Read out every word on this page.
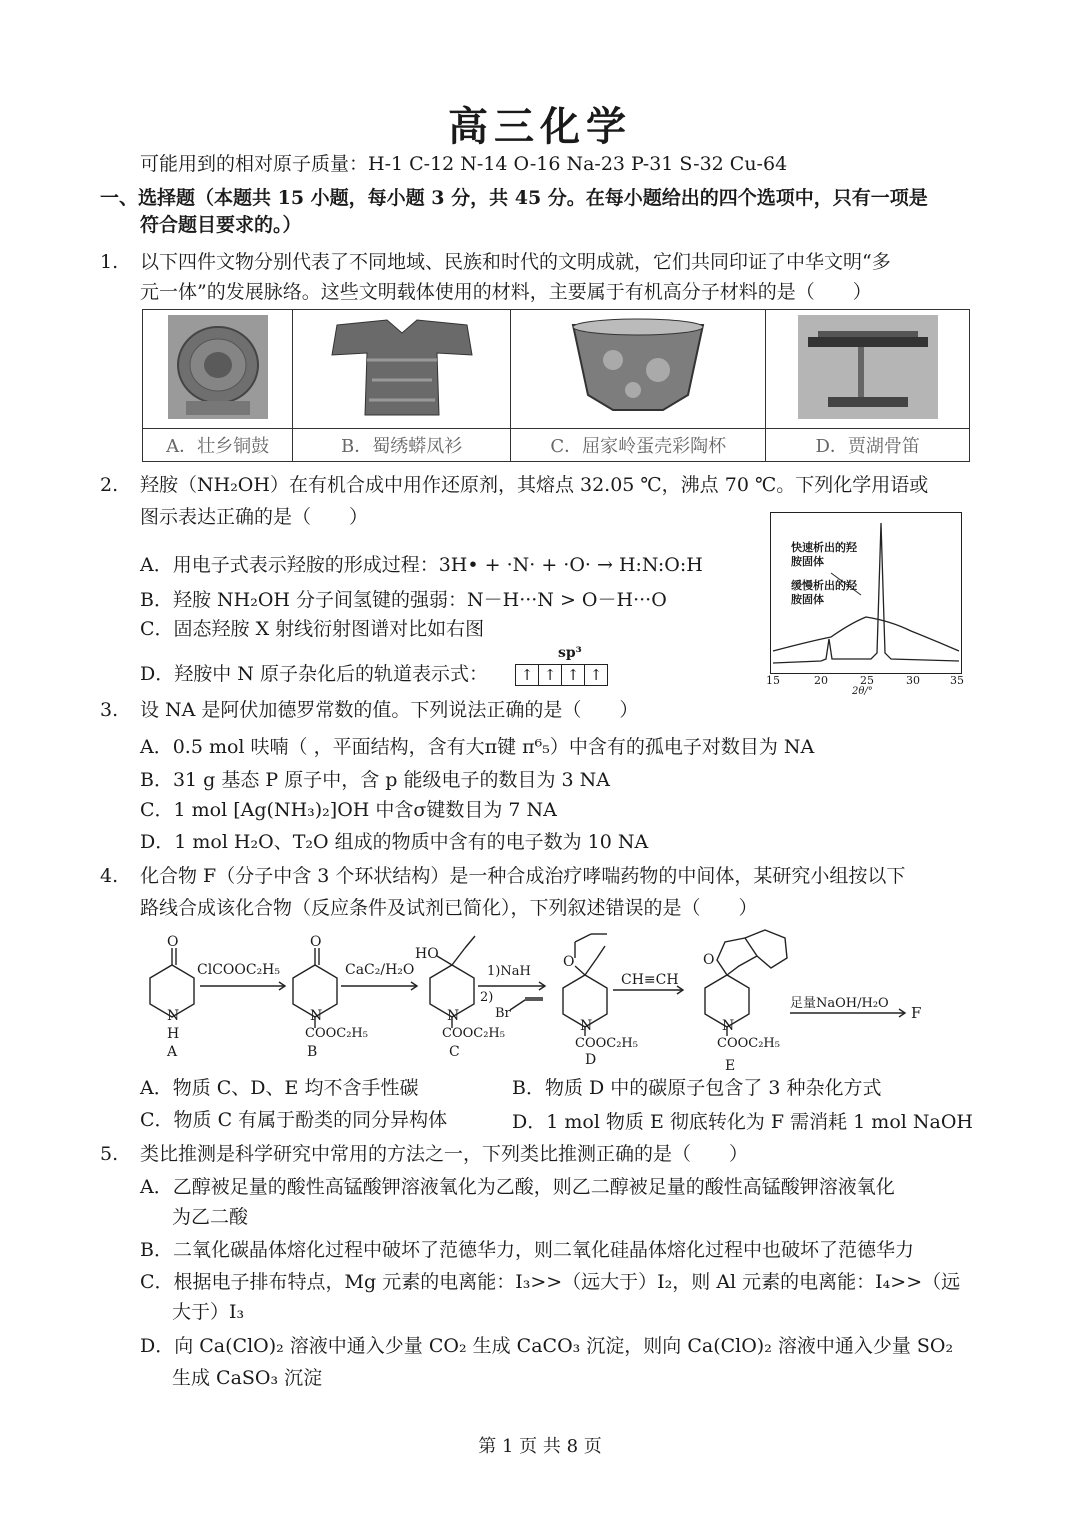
高三化学
可能用到的相对原子质量：H-1 C-12 N-14 O-16 Na-23 P-31 S-32 Cu-64
一、选择题（本题共 15 小题，每小题 3 分，共 45 分。在每小题给出的四个选项中，只有一项是
符合题目要求的。）
1. 以下四件文物分别代表了不同地域、民族和时代的文明成就，它们共同印证了中华文明“多
元一体”的发展脉络。这些文明载体使用的材料，主要属于有机高分子材料的是（　　）

A．壮乡铜鼓	B．蜀绣蟒凤衫	C．屈家岭蛋壳彩陶杯	D．贾湖骨笛
2. 羟胺（NH₂OH）在有机合成中用作还原剂，其熔点 32.05 ℃，沸点 70 ℃。下列化学用语或
图示表达正确的是（　　）
A．用电子式表示羟胺的形成过程：3H• + ·N· + ·O· → H:N:O:H
B．羟胺 NH₂OH 分子间氢键的强弱：N－H···N > O－H···O
C．固态羟胺 X 射线衍射图谱对比如右图
D．羟胺中 N 原子杂化后的轨道表示式：
sp³
↑ ↑ ↑ ↑
快速析出的羟胺固体
缓慢析出的羟胺固体
15	20	25	30	35
2θ/°
3. 设 NA 是阿伏加德罗常数的值。下列说法正确的是（　　）
A．0.5 mol 呋喃（ ，平面结构，含有大π键 π⁶₅）中含有的孤电子对数目为 NA
B．31 g 基态 P 原子中，含 p 能级电子的数目为 3 NA
C．1 mol [Ag(NH₃)₂]OH 中含σ键数目为 7 NA
D．1 mol H₂O、T₂O 组成的物质中含有的电子数为 10 NA
4. 化合物 F（分子中含 3 个环状结构）是一种合成治疗哮喘药物的中间体，某研究小组按以下
路线合成该化合物（反应条件及试剂已简化），下列叙述错误的是（　　）
O
N
H
A
ClCOOC₂H₅
O
N
COOC₂H₅
B
CaC₂/H₂O
HO
N
COOC₂H₅
C
1)NaH
2)
Br
O
N
COOC₂H₅
D
CH≡CH
O
N
COOC₂H₅
E
足量NaOH/H₂O
F
A．物质 C、D、E 均不含手性碳	B．物质 D 中的碳原子包含了 3 种杂化方式
C．物质 C 有属于酚类的同分异构体	D．1 mol 物质 E 彻底转化为 F 需消耗 1 mol NaOH
5. 类比推测是科学研究中常用的方法之一，下列类比推测正确的是（　　）
A．乙醇被足量的酸性高锰酸钾溶液氧化为乙酸，则乙二醇被足量的酸性高锰酸钾溶液氧化
为乙二酸
B．二氧化碳晶体熔化过程中破坏了范德华力，则二氧化硅晶体熔化过程中也破坏了范德华力
C．根据电子排布特点，Mg 元素的电离能：I₃>>（远大于）I₂，则 Al 元素的电离能：I₄>>（远
大于）I₃
D．向 Ca(ClO)₂ 溶液中通入少量 CO₂ 生成 CaCO₃ 沉淀，则向 Ca(ClO)₂ 溶液中通入少量 SO₂
生成 CaSO₃ 沉淀
第 1 页 共 8 页
